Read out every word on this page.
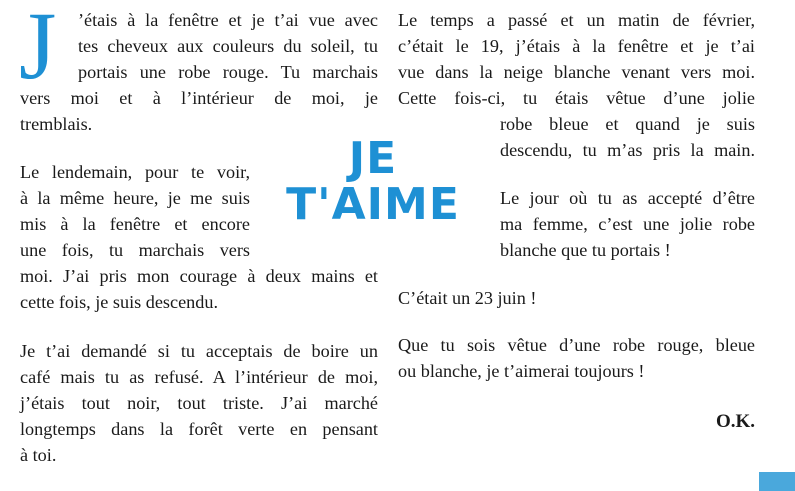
J
JE
T'AIME
’étais à la fenêtre et je t’ai vue avec
tes cheveux aux couleurs du soleil, tu
portais une robe rouge. Tu marchais
vers moi et à l’intérieur de moi, je
tremblais.
Le lendemain, pour te voir,
à la même heure, je me suis
mis à la fenêtre et encore
une fois, tu marchais vers
moi. J’ai pris mon courage à deux mains et
cette fois, je suis descendu.
Je t’ai demandé si tu acceptais de boire un
café mais tu as refusé. A l’intérieur de moi,
j’étais tout noir, tout triste. J’ai marché
longtemps dans la forêt verte en pensant
à toi.
Le temps a passé et un matin de février,
c’était le 19, j’étais à la fenêtre et je t’ai
vue dans la neige blanche venant vers moi.
Cette fois-ci, tu étais vêtue d’une jolie
robe bleue et quand je suis
descendu, tu m’as pris la main.
Le jour où tu as accepté d’être
ma femme, c’est une jolie robe
blanche que tu portais !
C’était un 23 juin !
Que tu sois vêtue d’une robe rouge, bleue
ou blanche, je t’aimerai toujours !
O.K.
